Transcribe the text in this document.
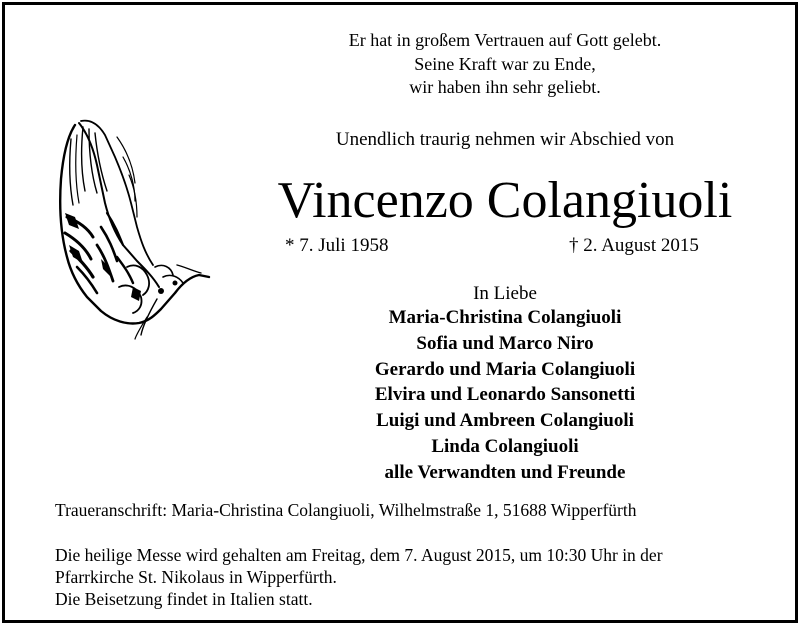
Er hat in großem Vertrauen auf Gott gelebt.
Seine Kraft war zu Ende,
wir haben ihn sehr geliebt.
Unendlich traurig nehmen wir Abschied von
Vincenzo Colangiuoli
* 7. Juli 1958	† 2. August 2015
In Liebe
Maria-Christina Colangiuoli
Sofia und Marco Niro
Gerardo und Maria Colangiuoli
Elvira und Leonardo Sansonetti
Luigi und Ambreen Colangiuoli
Linda Colangiuoli
alle Verwandten und Freunde
Traueranschrift: Maria-Christina Colangiuoli, Wilhelmstraße 1, 51688 Wipperfürth
Die heilige Messe wird gehalten am Freitag, dem 7. August 2015, um 10:30 Uhr in der
Pfarrkirche St. Nikolaus in Wipperfürth.
Die Beisetzung findet in Italien statt.
